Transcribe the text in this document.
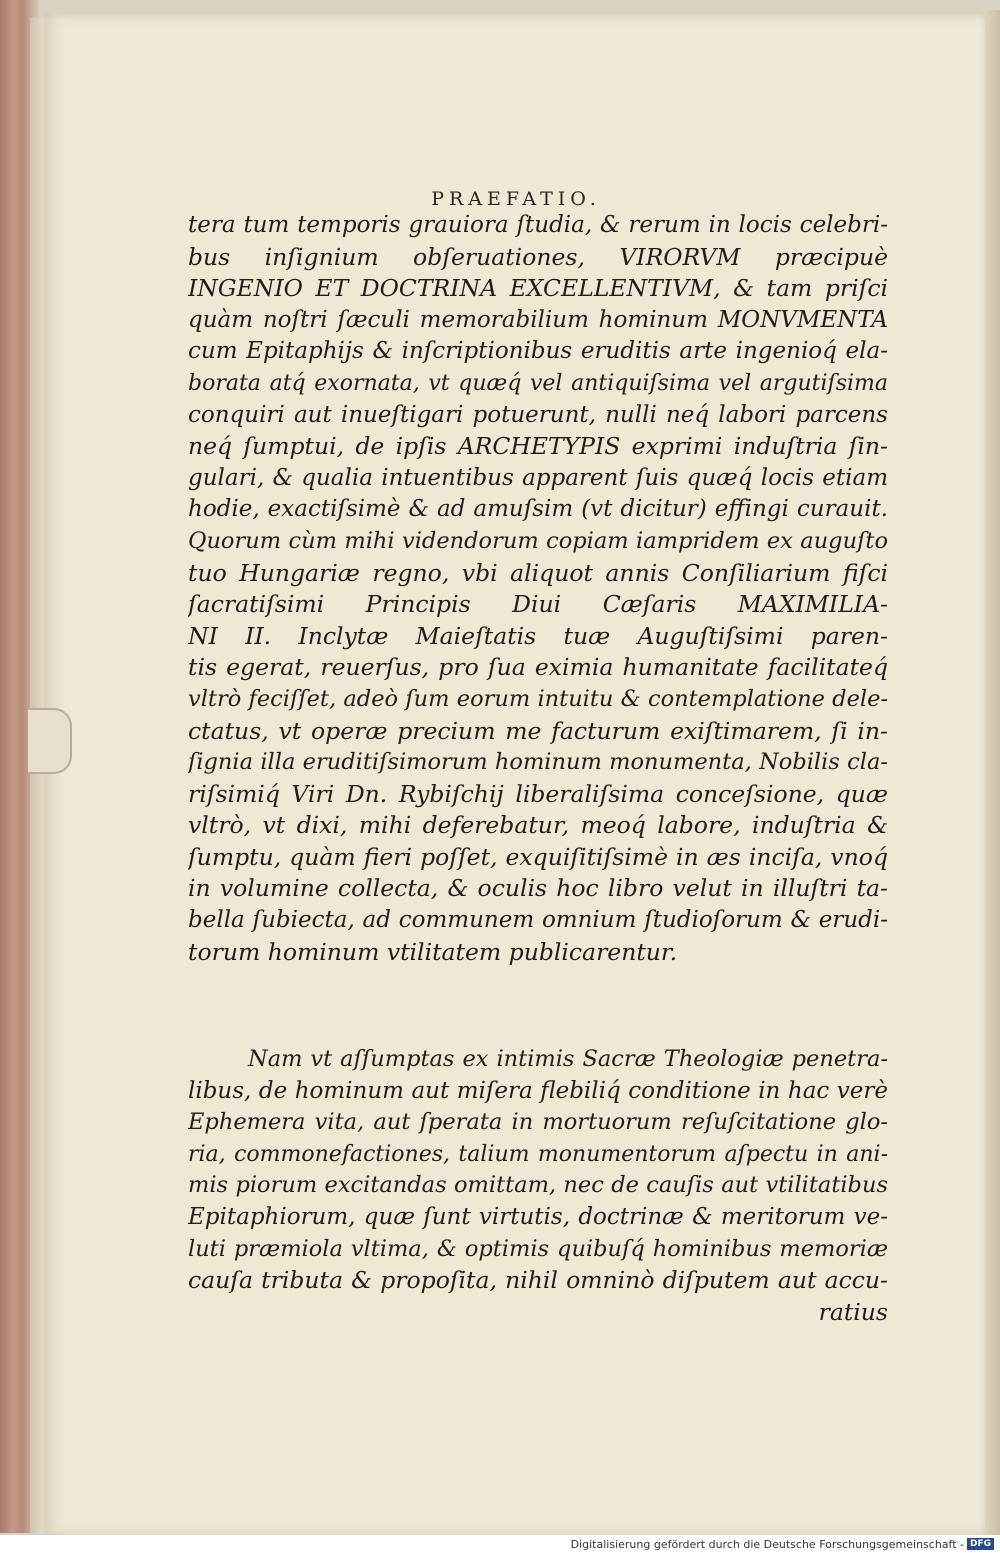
PRAEFATIO.
tera tum temporis grauiora ſtudia, & rerum in locis celebri-
bus inſignium obſeruationes, VIRORVM præcipuè
INGENIO ET DOCTRINA EXCELLENTIVM, & tam priſci
quàm noſtri ſæculi memorabilium hominum MONVMENTA
cum Epitaphijs & inſcriptionibus eruditis arte ingenioq́ ela-
borata atq́ exornata, vt quæq́ vel antiquiſsima vel argutiſsima
conquiri aut inueſtigari potuerunt, nulli neq́ labori parcens
neq́ ſumptui, de ipſis ARCHETYPIS exprimi induſtria ſin-
gulari, & qualia intuentibus apparent ſuis quæq́ locis etiam
hodie, exactiſsimè & ad amuſsim (vt dicitur) effingi curauit.
Quorum cùm mihi videndorum copiam iampridem ex auguſto
tuo Hungariæ regno, vbi aliquot annis Conſiliarium fiſci
ſacratiſsimi Principis Diui Cæſaris MAXIMILIA-
NI II. Inclytæ Maieſtatis tuæ Auguſtiſsimi paren-
tis egerat, reuerſus, pro ſua eximia humanitate facilitateq́
vltrò feciſſet, adeò ſum eorum intuitu & contemplatione dele-
ctatus, vt operæ precium me facturum exiſtimarem, ſi in-
ſignia illa eruditiſsimorum hominum monumenta, Nobilis cla-
riſsimiq́ Viri Dn. Rybiſchij liberaliſsima conceſsione, quæ
vltrò, vt dixi, mihi deferebatur, meoq́ labore, induſtria &
ſumptu, quàm fieri poſſet, exquiſitiſsimè in æs inciſa, vnoq́
in volumine collecta, & oculis hoc libro velut in illuſtri ta-
bella ſubiecta, ad communem omnium ſtudioſorum & erudi-
torum hominum vtilitatem publicarentur.
Nam vt aſſumptas ex intimis Sacræ Theologiæ penetra-
libus, de hominum aut miſera flebiliq́ conditione in hac verè
Ephemera vita, aut ſperata in mortuorum reſuſcitatione glo-
ria, commonefactiones, talium monumentorum aſpectu in ani-
mis piorum excitandas omittam, nec de cauſis aut vtilitatibus
Epitaphiorum, quæ ſunt virtutis, doctrinæ & meritorum ve-
luti præmiola vltima, & optimis quibuſq́ hominibus memoriæ
cauſa tributa & propoſita, nihil omninò diſputem aut accu-
ratius
Digitalisierung gefördert durch die Deutsche Forschungsgemeinschaft - DFG
